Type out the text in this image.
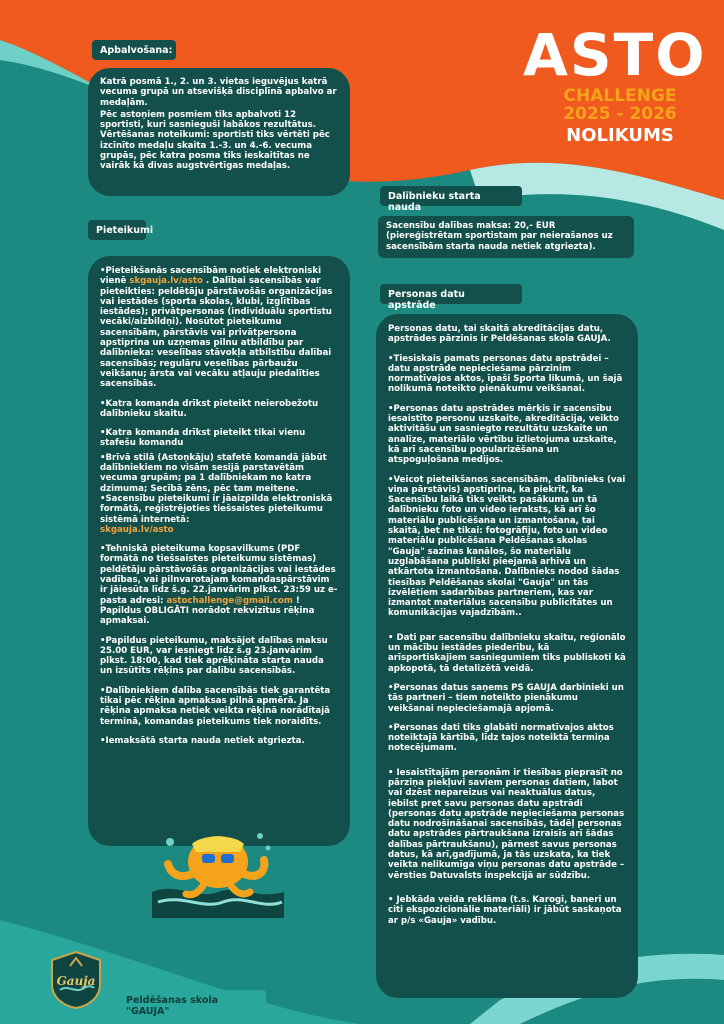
ASTO
CHALLENGE
2025 - 2026
NOLIKUMS
Apbalvošana:

Katrā posmā 1., 2. un 3. vietas ieguvējus katrā vecuma grupā un atsevišķā disciplīnā apbalvo ar medaļām.

Pēc astoņiem posmiem tiks apbalvoti 12 sportisti, kuri sasnieguši labākos rezultātus. Vērtēšanas noteikumi: sportisti tiks vērtēti pēc izcīnīto medaļu skaita 1.-3. un 4.-6. vecuma grupās, pēc katra posma tiks ieskaitītas ne vairāk kā divas augstvērtīgas medaļas.

Dalībnieku starta nauda
Sacensību dalības maksa: 20,- EUR (piereģistrētam sportistam par neierašanos uz sacensībām starta nauda netiek atgriezta).
Pieteikumi

•Pieteikšanās sacensībām notiek elektroniski vienē skgauja.lv/asto . Dalībai sacensībās var pieteikties: peldētāju pārstāvošās organizācijas vai iestādes (sporta skolas, klubi, izglītības iestādes); privātpersonas (individuālu sportistu vecāki/aizbildņi). Nosūtot pieteikumu sacensībām, pārstāvis vai privātpersona apstiprina un uzņemas pilnu atbildību par dalībnieka: veselības stāvokļa atbilstību dalībai sacensībās; regulāru veselības pārbaužu veikšanu; ārsta vai vecāku atļauju piedalīties sacensībās.

•Katra komanda drīkst pieteikt neierobežotu dalībnieku skaitu.

•Katra komanda drīkst pieteikt tikai vienu stafešu komandu

•Brīvā stilā (Astoņkāju) stafetē komandā jābūt dalībniekiem no visām sesijā parstavētām vecuma grupām; pa 1 dalībniekam no katra dzimuma; Secībā zēns, pēc tam meitene. •Sacensību pieteikumi ir jāaizpilda elektroniskā formātā, reģistrējoties tiešsaistes pieteikumu sistēmā internetā:

skgauja.lv/asto

•Tehniskā pieteikuma kopsavilkums (PDF formātā no tiešsaistes pieteikumu sistēmas) peldētāju pārstāvošās organizācijas vai iestādes vadības, vai pilnvarotajam komandaspārstāvim ir jāiesūta līdz š.g. 22.janvārim plkst. 23:59 uz e-pasta adresi: astochallenge@gmail.com ! Papildus OBLIGĀTI norādot rekvizītus rēķina apmaksai.

•Papildus pieteikumu, maksājot dalības maksu 25.00 EUR, var iesniegt līdz š.g 23.janvārim plkst. 18:00, kad tiek aprēķināta starta nauda un izsūtīts rēķins par dalību sacensībās.

•Dalībniekiem dalība sacensībās tiek garantēta tikai pēc rēķina apmaksas pilnā apmērā. Ja rēķina apmaksa netiek veikta rēķinā norādītajā terminā, komandas pieteikums tiek noraidīts.

•Iemaksātā starta nauda netiek atgriezta.

Personas datu apstrāde

Personas datu, tai skaitā akreditācijas datu, apstrādes pārzinis ir Peldēšanas skola GAUJA.

•Tiesiskais pamats personas datu apstrādei –datu apstrāde nepieciešama pārzinim normatīvajos aktos, īpaši Sporta likumā, un šajā nolikumā noteikto pienākumu veikšanai.

•Personas datu apstrādes mērķis ir sacensību iesaistīto personu uzskaite, akreditācija, veikto aktivitāšu un sasniegto rezultātu uzskaite un analīze, materiālo vērtību izlietojuma uzskaite, kā arī sacensību popularizēšana un atspoguļošana medijos.

•Veicot pieteikšanos sacensībām, dalībnieks (vai viņa pārstāvis) apstiprina, ka piekrīt, ka Sacensību laikā tiks veikts pasākuma un tā dalībnieku foto un video ieraksts, kā arī šo materiālu publicēšana un izmantošana, tai skaitā, bet ne tikai: fotogrāfiju, foto un video materiālu publicēšana Peldēšanas skolas "Gauja" sazinas kanālos, šo materiālu uzglabāšana publiski pieejamā arhīvā un atkārtota izmantošana. Dalībnieks nodod šādas tiesības Peldēšanas skolai "Gauja" un tās izvēlētiem sadarbības partneriem, kas var izmantot materiālus sacensību publicitātes un komunikācijas vajadzībām..

• Dati par sacensību dalībnieku skaitu, reģionālo un mācību iestādes piederību, kā arīsportiskajiem sasniegumiem tiks publiskoti kā apkopotā, tā detalizētā veidā.

•Personas datus saņems PS GAUJA darbinieki un tās partneri – tiem noteikto pienākumu veikšanai nepieciešamajā apjomā.

•Personas dati tiks glabāti normatīvajos aktos noteiktajā kārtībā, līdz tajos noteiktā termiņa notecējumam.

• Iesaistītajām personām ir tiesības pieprasīt no pārziņa piekļuvi saviem personas datiem, labot vai dzēst nepareizus vai neaktuālus datus, iebilst pret savu personas datu apstrādi (personas datu apstrāde nepieciešama personas datu nodrošināšanai sacensībās, tādēļ personas datu apstrādes pārtraukšana izraisīs arī šādas dalības pārtraukšanu), pārnest savus personas datus, kā arī,gadījumā, ja tās uzskata, ka tiek veikta nelikumīga viņu personas datu apstrāde – vērsties Datuvalsts inspekcijā ar sūdzību.

• Jebkāda veida reklāma (t.s. Karogi, baneri un citi ekspozicionālie materiāli) ir jābūt saskaņota ar p/s «Gauja» vadību.

Gauja
Peldēšanas skola "GAUJA"
